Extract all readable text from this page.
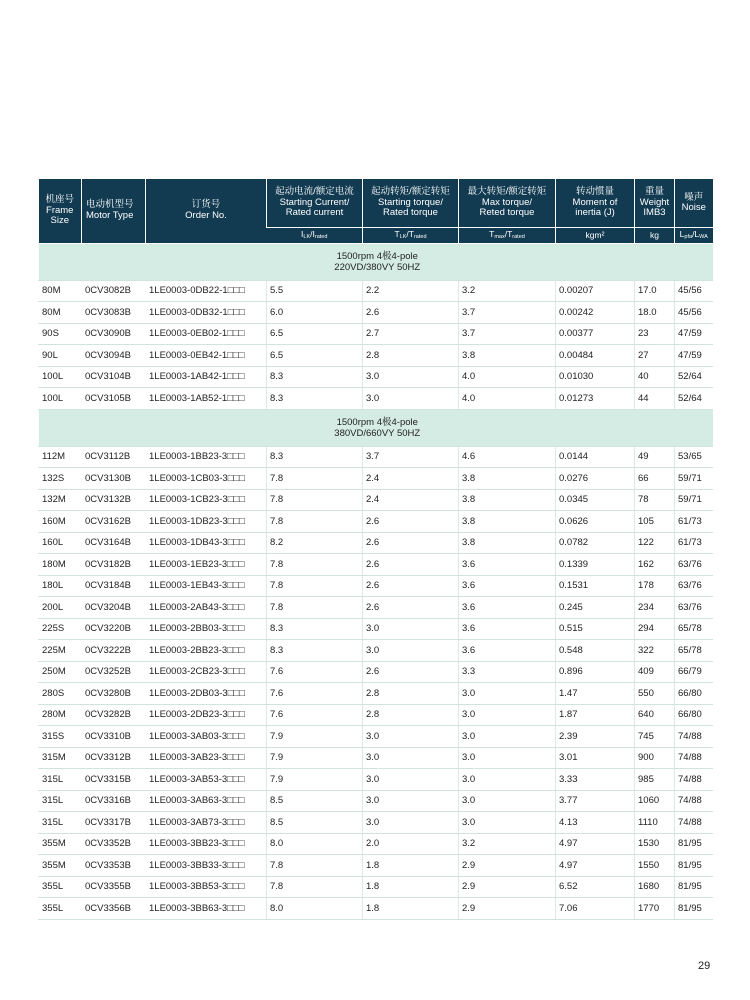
机座号
Frame
Size	电动机型号
Motor Type	订货号
Order No.	起动电流/额定电流
Starting Current/
Rated current	起动转矩/额定转矩
Starting torque/
Rated torque	最大转矩/额定转矩
Max torque/
Reted torque	转动惯量
Moment of
inertia (J)	重量
Weight
IMB3	噪声
Noise

			$I_{LK}/I_{rated}$	$T_{LK}/T_{rated}$	$T_{max}/T_{rated}$	kgm²	kg	$L_{pfa}/L_{WA}$

1500rpm 4极4-pole
220VD/380VY 50HZ								

80M	0CV3082B	1LE0003-0DB22-1□□□	5.5	2.2	3.2	0.00207	17.0	45/56
80M	0CV3083B	1LE0003-0DB32-1□□□	6.0	2.6	3.7	0.00242	18.0	45/56
90S	0CV3090B	1LE0003-0EB02-1□□□	6.5	2.7	3.7	0.00377	23	47/59
90L	0CV3094B	1LE0003-0EB42-1□□□	6.5	2.8	3.8	0.00484	27	47/59
100L	0CV3104B	1LE0003-1AB42-1□□□	8.3	3.0	4.0	0.01030	40	52/64
100L	0CV3105B	1LE0003-1AB52-1□□□	8.3	3.0	4.0	0.01273	44	52/64

1500rpm 4极4-pole
380VD/660VY 50HZ								

112M	0CV3112B	1LE0003-1BB23-3□□□	8.3	3.7	4.6	0.0144	49	53/65
132S	0CV3130B	1LE0003-1CB03-3□□□	7.8	2.4	3.8	0.0276	66	59/71
132M	0CV3132B	1LE0003-1CB23-3□□□	7.8	2.4	3.8	0.0345	78	59/71
160M	0CV3162B	1LE0003-1DB23-3□□□	7.8	2.6	3.8	0.0626	105	61/73
160L	0CV3164B	1LE0003-1DB43-3□□□	8.2	2.6	3.8	0.0782	122	61/73
180M	0CV3182B	1LE0003-1EB23-3□□□	7.8	2.6	3.6	0.1339	162	63/76
180L	0CV3184B	1LE0003-1EB43-3□□□	7.8	2.6	3.6	0.1531	178	63/76
200L	0CV3204B	1LE0003-2AB43-3□□□	7.8	2.6	3.6	0.245	234	63/76
225S	0CV3220B	1LE0003-2BB03-3□□□	8.3	3.0	3.6	0.515	294	65/78
225M	0CV3222B	1LE0003-2BB23-3□□□	8.3	3.0	3.6	0.548	322	65/78
250M	0CV3252B	1LE0003-2CB23-3□□□	7.6	2.6	3.3	0.896	409	66/79
280S	0CV3280B	1LE0003-2DB03-3□□□	7.6	2.8	3.0	1.47	550	66/80
280M	0CV3282B	1LE0003-2DB23-3□□□	7.6	2.8	3.0	1.87	640	66/80
315S	0CV3310B	1LE0003-3AB03-3□□□	7.9	3.0	3.0	2.39	745	74/88
315M	0CV3312B	1LE0003-3AB23-3□□□	7.9	3.0	3.0	3.01	900	74/88
315L	0CV3315B	1LE0003-3AB53-3□□□	7.9	3.0	3.0	3.33	985	74/88
315L	0CV3316B	1LE0003-3AB63-3□□□	8.5	3.0	3.0	3.77	1060	74/88
315L	0CV3317B	1LE0003-3AB73-3□□□	8.5	3.0	3.0	4.13	1110	74/88
355M	0CV3352B	1LE0003-3BB23-3□□□	8.0	2.0	3.2	4.97	1530	81/95
355M	0CV3353B	1LE0003-3BB33-3□□□	7.8	1.8	2.9	4.97	1550	81/95
355L	0CV3355B	1LE0003-3BB53-3□□□	7.8	1.8	2.9	6.52	1680	81/95
355L	0CV3356B	1LE0003-3BB63-3□□□	8.0	1.8	2.9	7.06	1770	81/95
29
